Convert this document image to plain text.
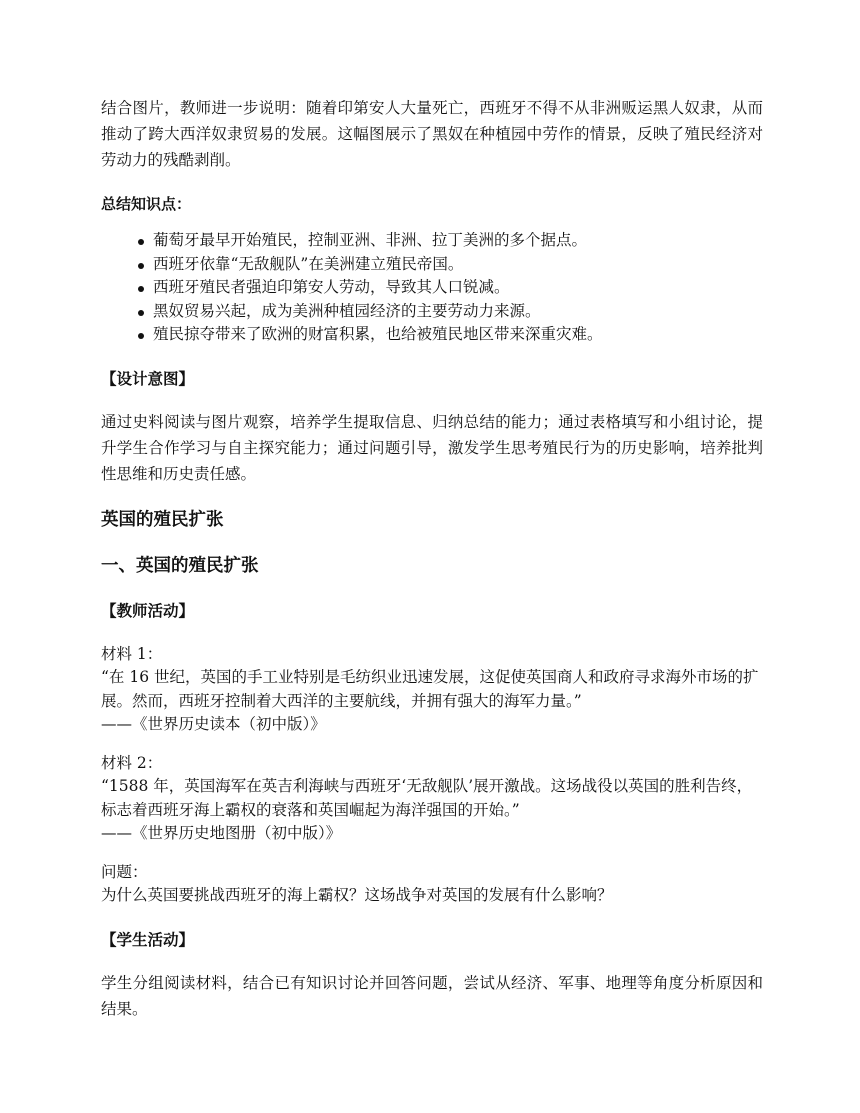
结合图片，教师进一步说明：随着印第安人大量死亡，西班牙不得不从非洲贩运黑人奴隶，从而推动了跨大西洋奴隶贸易的发展。这幅图展示了黑奴在种植园中劳作的情景，反映了殖民经济对劳动力的残酷剥削。

总结知识点：

葡萄牙最早开始殖民，控制亚洲、非洲、拉丁美洲的多个据点。
西班牙依靠“无敌舰队”在美洲建立殖民帝国。
西班牙殖民者强迫印第安人劳动，导致其人口锐减。
黑奴贸易兴起，成为美洲种植园经济的主要劳动力来源。
殖民掠夺带来了欧洲的财富积累，也给被殖民地区带来深重灾难。

【设计意图】

通过史料阅读与图片观察，培养学生提取信息、归纳总结的能力；通过表格填写和小组讨论，提升学生合作学习与自主探究能力；通过问题引导，激发学生思考殖民行为的历史影响，培养批判性思维和历史责任感。

英国的殖民扩张

一、英国的殖民扩张

【教师活动】

材料 1：

“在 16 世纪，英国的手工业特别是毛纺织业迅速发展，这促使英国商人和政府寻求海外市场的扩展。然而，西班牙控制着大西洋的主要航线，并拥有强大的海军力量。”

——《世界历史读本（初中版）》

材料 2：

“1588 年，英国海军在英吉利海峡与西班牙‘无敌舰队’展开激战。这场战役以英国的胜利告终，标志着西班牙海上霸权的衰落和英国崛起为海洋强国的开始。”

——《世界历史地图册（初中版）》

问题：

为什么英国要挑战西班牙的海上霸权？这场战争对英国的发展有什么影响？

【学生活动】

学生分组阅读材料，结合已有知识讨论并回答问题，尝试从经济、军事、地理等角度分析原因和结果。
